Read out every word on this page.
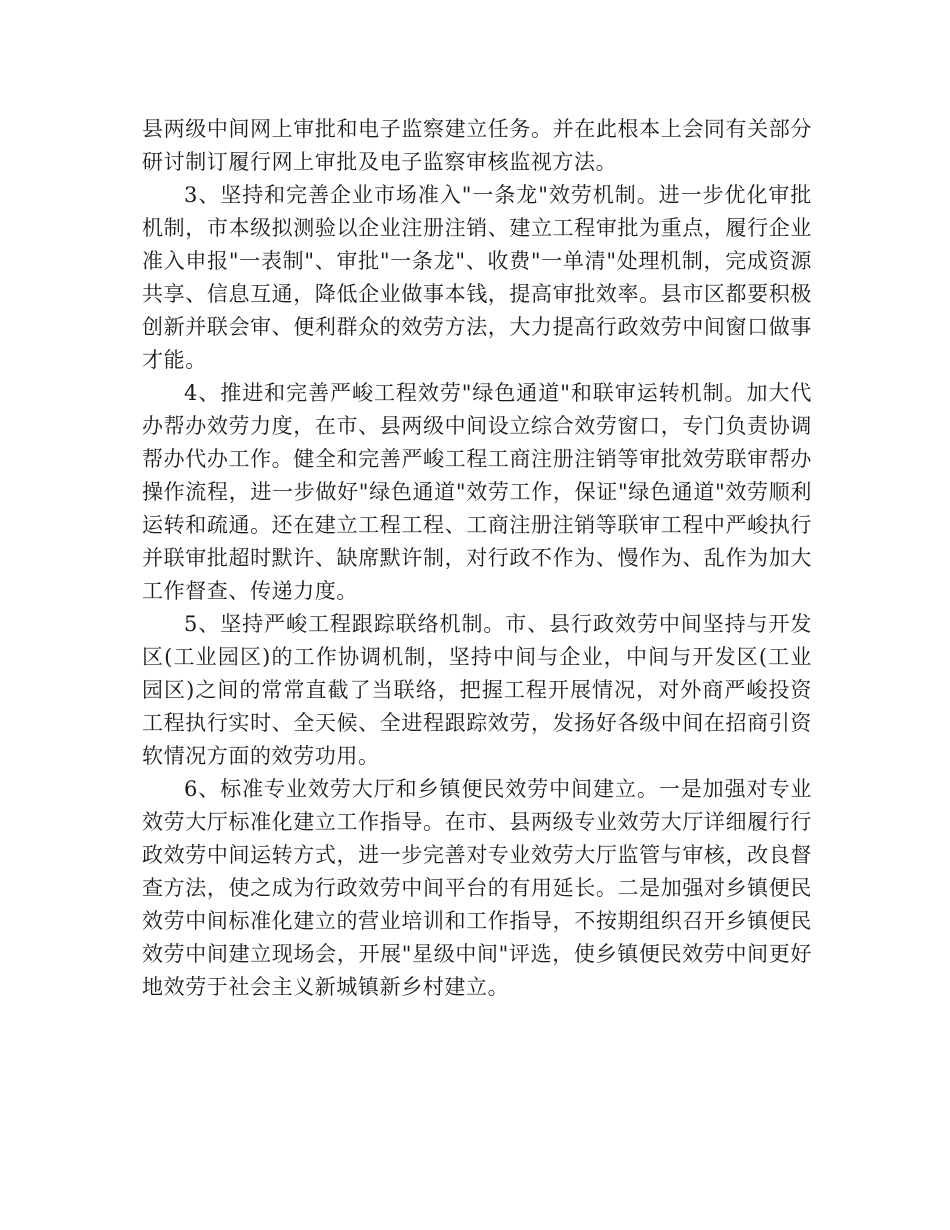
县两级中间网上审批和电子监察建立任务。并在此根本上会同有关部分研讨制订履行网上审批及电子监察审核监视方法。

3、坚持和完善企业市场准入"一条龙"效劳机制。进一步优化审批机制，市本级拟测验以企业注册注销、建立工程审批为重点，履行企业准入申报"一表制"、审批"一条龙"、收费"一单清"处理机制，完成资源共享、信息互通，降低企业做事本钱，提高审批效率。县市区都要积极创新并联会审、便利群众的效劳方法，大力提高行政效劳中间窗口做事才能。

4、推进和完善严峻工程效劳"绿色通道"和联审运转机制。加大代办帮办效劳力度，在市、县两级中间设立综合效劳窗口，专门负责协调帮办代办工作。健全和完善严峻工程工商注册注销等审批效劳联审帮办操作流程，进一步做好"绿色通道"效劳工作，保证"绿色通道"效劳顺利运转和疏通。还在建立工程工程、工商注册注销等联审工程中严峻执行并联审批超时默许、缺席默许制，对行政不作为、慢作为、乱作为加大工作督查、传递力度。

5、坚持严峻工程跟踪联络机制。市、县行政效劳中间坚持与开发区(工业园区)的工作协调机制，坚持中间与企业，中间与开发区(工业园区)之间的常常直截了当联络，把握工程开展情况，对外商严峻投资工程执行实时、全天候、全进程跟踪效劳，发扬好各级中间在招商引资软情况方面的效劳功用。

6、标准专业效劳大厅和乡镇便民效劳中间建立。一是加强对专业效劳大厅标准化建立工作指导。在市、县两级专业效劳大厅详细履行行政效劳中间运转方式，进一步完善对专业效劳大厅监管与审核，改良督查方法，使之成为行政效劳中间平台的有用延长。二是加强对乡镇便民效劳中间标准化建立的营业培训和工作指导，不按期组织召开乡镇便民效劳中间建立现场会，开展"星级中间"评选，使乡镇便民效劳中间更好地效劳于社会主义新城镇新乡村建立。
